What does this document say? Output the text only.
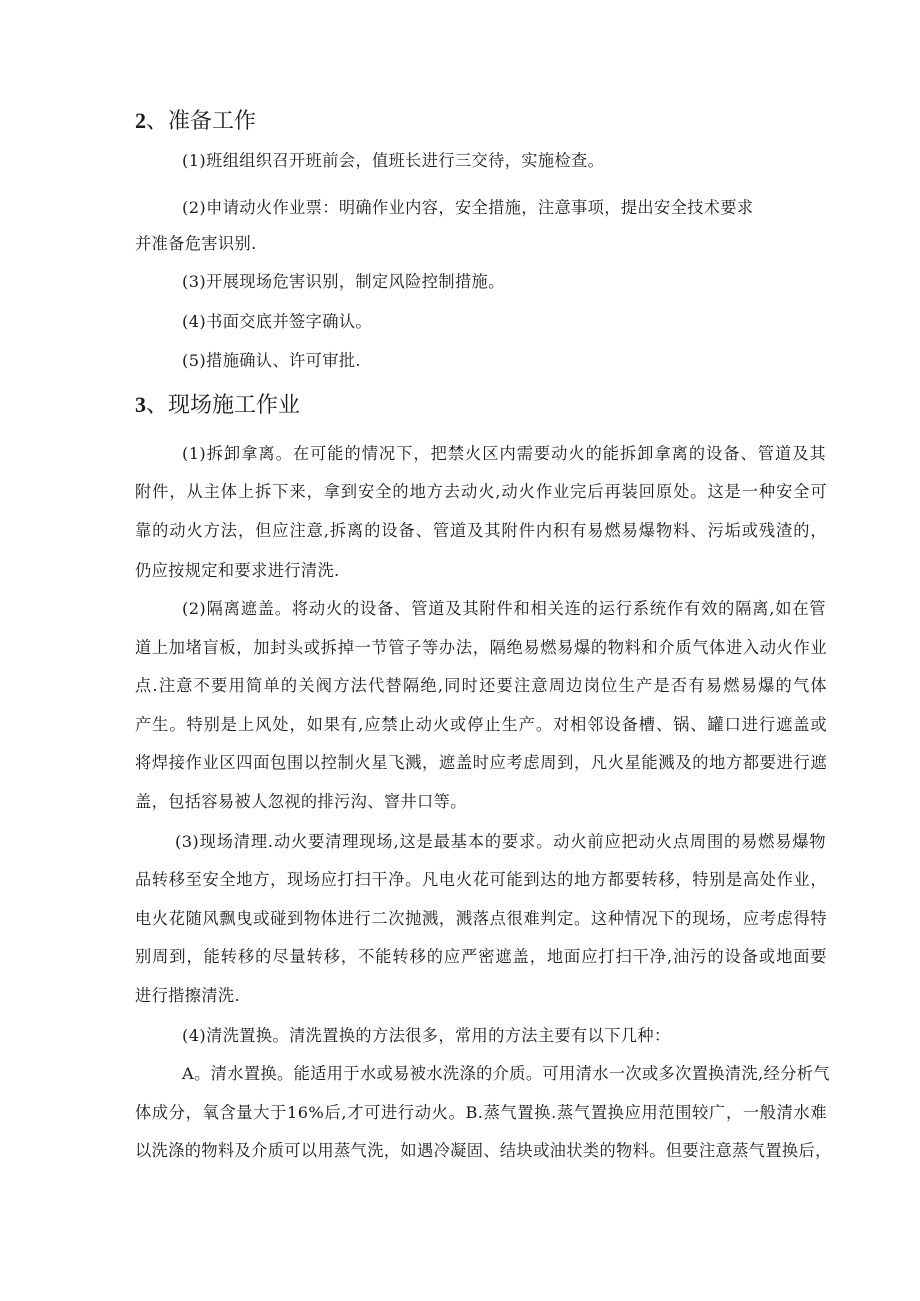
2、准备工作
(1)班组组织召开班前会，值班长进行三交待，实施检查。
(2)申请动火作业票：明确作业内容，安全措施，注意事项，提出安全技术要求
并准备危害识别.
(3)开展现场危害识别，制定风险控制措施。
(4)书面交底并签字确认。
(5)措施确认、许可审批.
3、现场施工作业
(1)拆卸拿离。在可能的情况下，把禁火区内需要动火的能拆卸拿离的设备、管道及其
附件，从主体上拆下来，拿到安全的地方去动火,动火作业完后再装回原处。这是一种安全可
靠的动火方法，但应注意,拆离的设备、管道及其附件内积有易燃易爆物料、污垢或残渣的，
仍应按规定和要求进行清洗.
(2)隔离遮盖。将动火的设备、管道及其附件和相关连的运行系统作有效的隔离,如在管
道上加堵盲板，加封头或拆掉一节管子等办法，隔绝易燃易爆的物料和介质气体进入动火作业
点.注意不要用简单的关阀方法代替隔绝,同时还要注意周边岗位生产是否有易燃易爆的气体
产生。特别是上风处，如果有,应禁止动火或停止生产。对相邻设备槽、锅、罐口进行遮盖或
将焊接作业区四面包围以控制火星飞溅，遮盖时应考虑周到，凡火星能溅及的地方都要进行遮
盖，包括容易被人忽视的排污沟、窨井口等。
(3)现场清理.动火要清理现场,这是最基本的要求。动火前应把动火点周围的易燃易爆物
品转移至安全地方，现场应打扫干净。凡电火花可能到达的地方都要转移，特别是高处作业，
电火花随风飘曳或碰到物体进行二次抛溅，溅落点很难判定。这种情况下的现场，应考虑得特
别周到，能转移的尽量转移，不能转移的应严密遮盖，地面应打扫干净,油污的设备或地面要
进行揩擦清洗.
(4)清洗置换。清洗置换的方法很多，常用的方法主要有以下几种：
A。清水置换。能适用于水或易被水洗涤的介质。可用清水一次或多次置换清洗,经分析气
体成分，氧含量大于16%后,才可进行动火。B.蒸气置换.蒸气置换应用范围较广，一般清水难
以洗涤的物料及介质可以用蒸气洗，如遇冷凝固、结块或油状类的物料。但要注意蒸气置换后，
